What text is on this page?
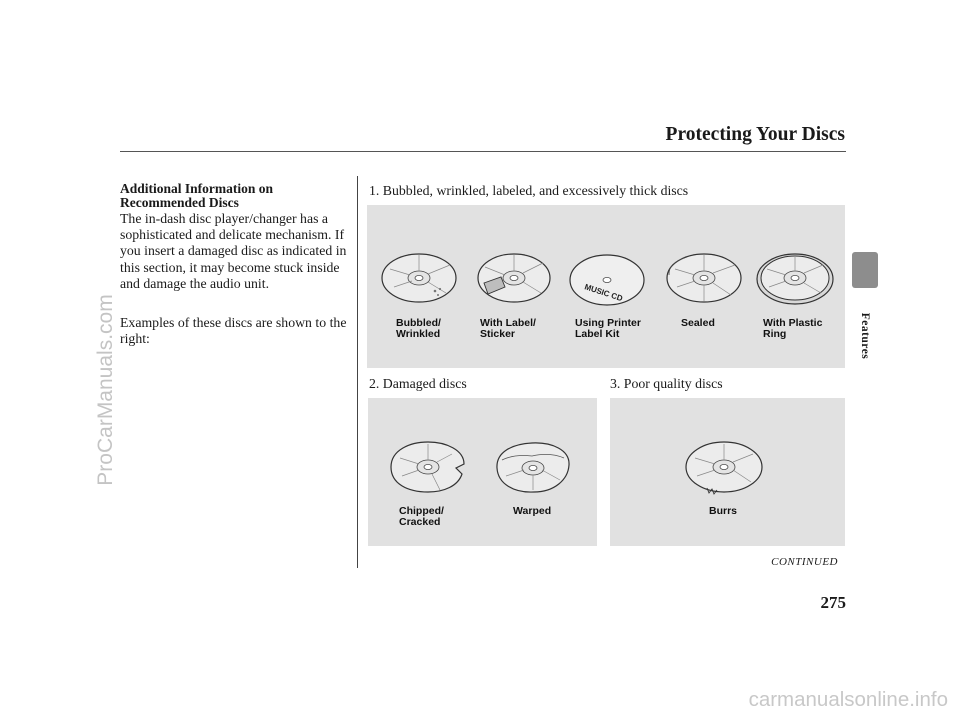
Protecting Your Discs
Features
Additional Information on Recommended Discs
The in-dash disc player/changer has a sophisticated and delicate mechanism. If you insert a damaged disc as indicated in this section, it may become stuck inside and damage the audio unit.
Examples of these discs are shown to the right:
1. Bubbled, wrinkled, labeled, and excessively thick discs
2. Damaged discs	3. Poor quality discs
MUSIC CD
Bubbled/
Wrinkled
With Label/
Sticker
Using Printer
Label Kit
Sealed	With Plastic
Ring
Chipped/
Cracked
Warped	Burrs
CONTINUED
275
ProCarManuals.com
carmanualsonline.info
